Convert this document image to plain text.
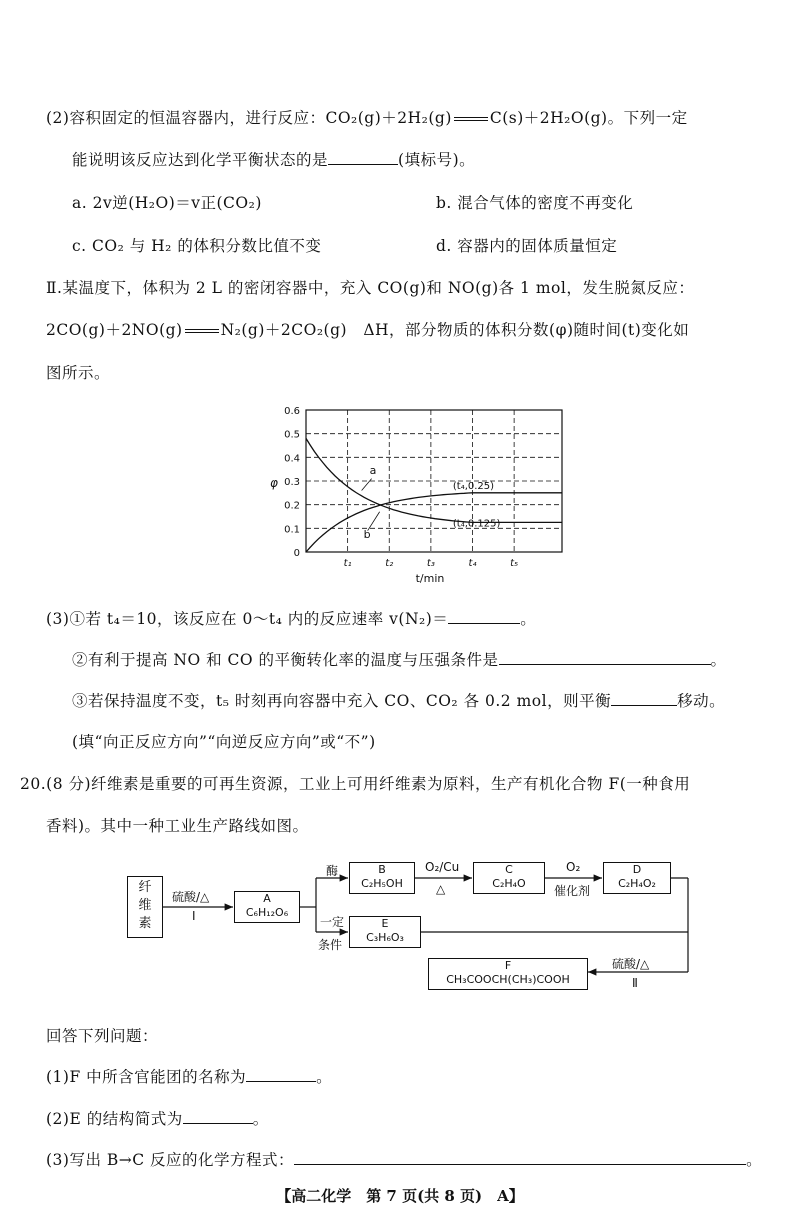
(2)容积固定的恒温容器内，进行反应：CO₂(g)＋2H₂(g) C(s)＋2H₂O(g)。下列一定
能说明该反应达到化学平衡状态的是	(填标号)。
a. 2v逆(H₂O)＝v正(CO₂)	b. 混合气体的密度不再变化
c. CO₂ 与 H₂ 的体积分数比值不变	d. 容器内的固体质量恒定
Ⅱ.某温度下，体积为 2 L 的密闭容器中，充入 CO(g)和 NO(g)各 1 mol，发生脱氮反应：
2CO(g)＋2NO(g) N₂(g)＋2CO₂(g) ΔH，部分物质的体积分数(φ)随时间(t)变化如
图所示。
0
0.1
0.2
0.3
0.4
0.5
0.6
t₁	t₂	t₃	t₄	t₅
φ
t/min
a
b
(t₄,0.25)
(t₄,0.125)
(3)①若 t₄＝10，该反应在 0～t₄ 内的反应速率 v(N₂)＝	。
②有利于提高 NO 和 CO 的平衡转化率的温度与压强条件是	。
③若保持温度不变，t₅ 时刻再向容器中充入 CO、CO₂ 各 0.2 mol，则平衡	移动。
(填“向正反应方向”“向逆反应方向”或“不”)
20.(8 分)纤维素是重要的可再生资源，工业上可用纤维素为原料，生产有机化合物 F(一种食用
香料)。其中一种工业生产路线如图。
纤维素
硫酸/△
Ⅰ
A
C₆H₁₂O₆
酶	B
C₂H₅OH
O₂/Cu
△
C
C₂H₄O
O₂
催化剂
D
C₂H₄O₂
一定
条件
E
C₃H₆O₃
F
CH₃COOCH(CH₃)COOH
硫酸/△
Ⅱ
回答下列问题：
(1)F 中所含官能团的名称为	。
(2)E 的结构简式为	。
(3)写出 B→C 反应的化学方程式：	。
【高二化学　第 7 页(共 8 页)　A】
